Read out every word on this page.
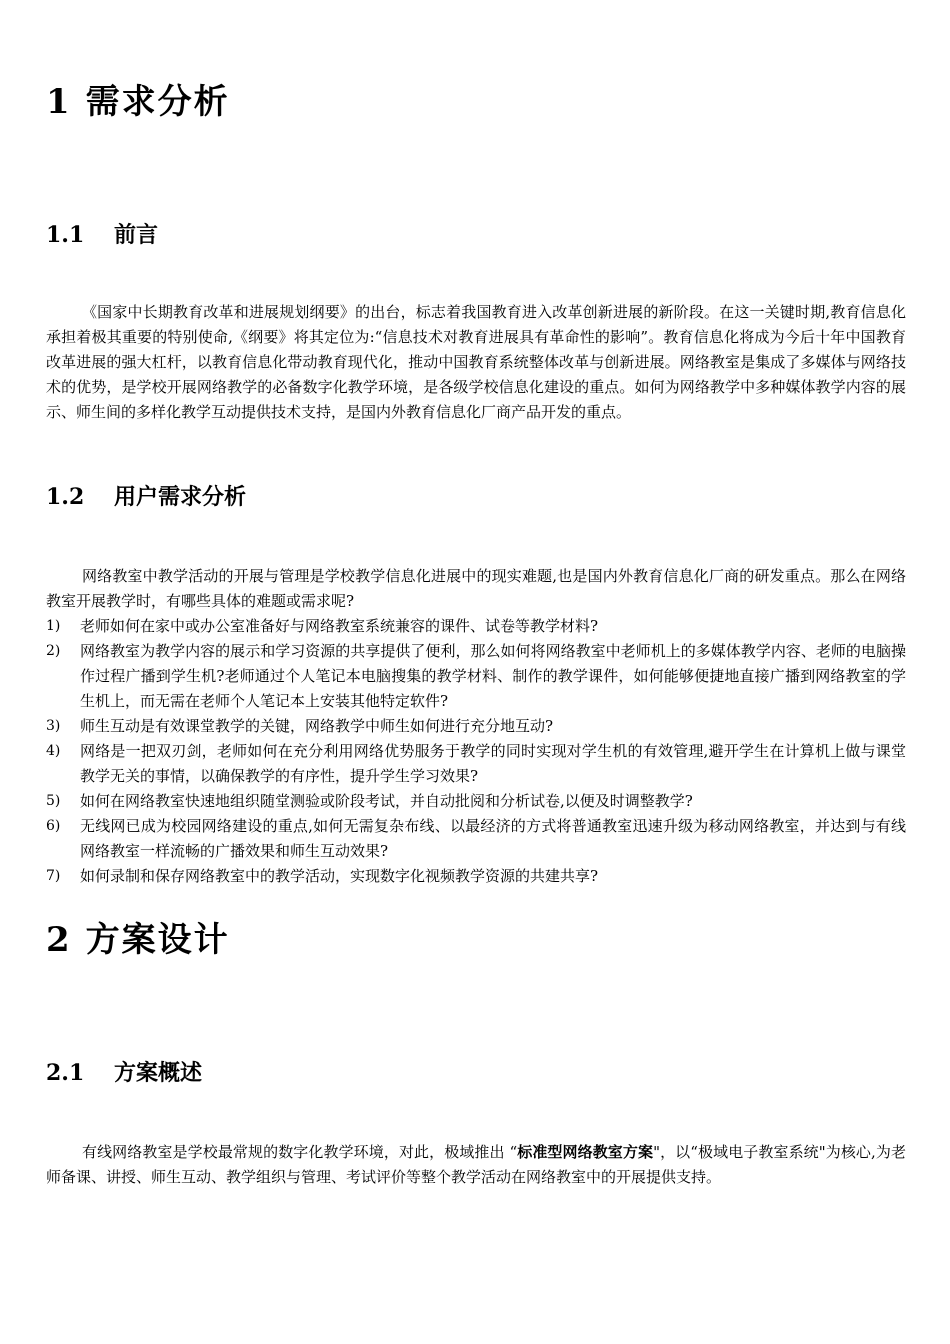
1 需求分析
1.1 前言

《国家中长期教育改革和进展规划纲要》的出台，标志着我国教育进入改革创新进展的新阶段。在这一关键时期,教育信息化承担着极其重要的特别使命,《纲要》将其定位为:“信息技术对教育进展具有革命性的影响”。教育信息化将成为今后十年中国教育改革进展的强大杠杆，以教育信息化带动教育现代化，推动中国教育系统整体改革与创新进展。网络教室是集成了多媒体与网络技术的优势，是学校开展网络教学的必备数字化教学环境，是各级学校信息化建设的重点。如何为网络教学中多种媒体教学内容的展示、师生间的多样化教学互动提供技术支持，是国内外教育信息化厂商产品开发的重点。

1.2 用户需求分析

网络教室中教学活动的开展与管理是学校教学信息化进展中的现实难题,也是国内外教育信息化厂商的研发重点。那么在网络教室开展教学时，有哪些具体的难题或需求呢?

1) 老师如何在家中或办公室准备好与网络教室系统兼容的课件、试卷等教学材料?
2) 网络教室为教学内容的展示和学习资源的共享提供了便利，那么如何将网络教室中老师机上的多媒体教学内容、老师的电脑操作过程广播到学生机?老师通过个人笔记本电脑搜集的教学材料、制作的教学课件，如何能够便捷地直接广播到网络教室的学生机上，而无需在老师个人笔记本上安装其他特定软件?
3) 师生互动是有效课堂教学的关键，网络教学中师生如何进行充分地互动?
4) 网络是一把双刃剑，老师如何在充分利用网络优势服务于教学的同时实现对学生机的有效管理,避开学生在计算机上做与课堂教学无关的事情，以确保教学的有序性，提升学生学习效果?
5) 如何在网络教室快速地组织随堂测验或阶段考试，并自动批阅和分析试卷,以便及时调整教学?
6) 无线网已成为校园网络建设的重点,如何无需复杂布线、以最经济的方式将普通教室迅速升级为移动网络教室，并达到与有线网络教室一样流畅的广播效果和师生互动效果?
7) 如何录制和保存网络教室中的教学活动，实现数字化视频教学资源的共建共享?
2 方案设计
2.1 方案概述

有线网络教室是学校最常规的数字化教学环境，对此，极域推出 “标准型网络教室方案"，以“极域电子教室系统"为核心,为老师备课、讲授、师生互动、教学组织与管理、考试评价等整个教学活动在网络教室中的开展提供支持。
